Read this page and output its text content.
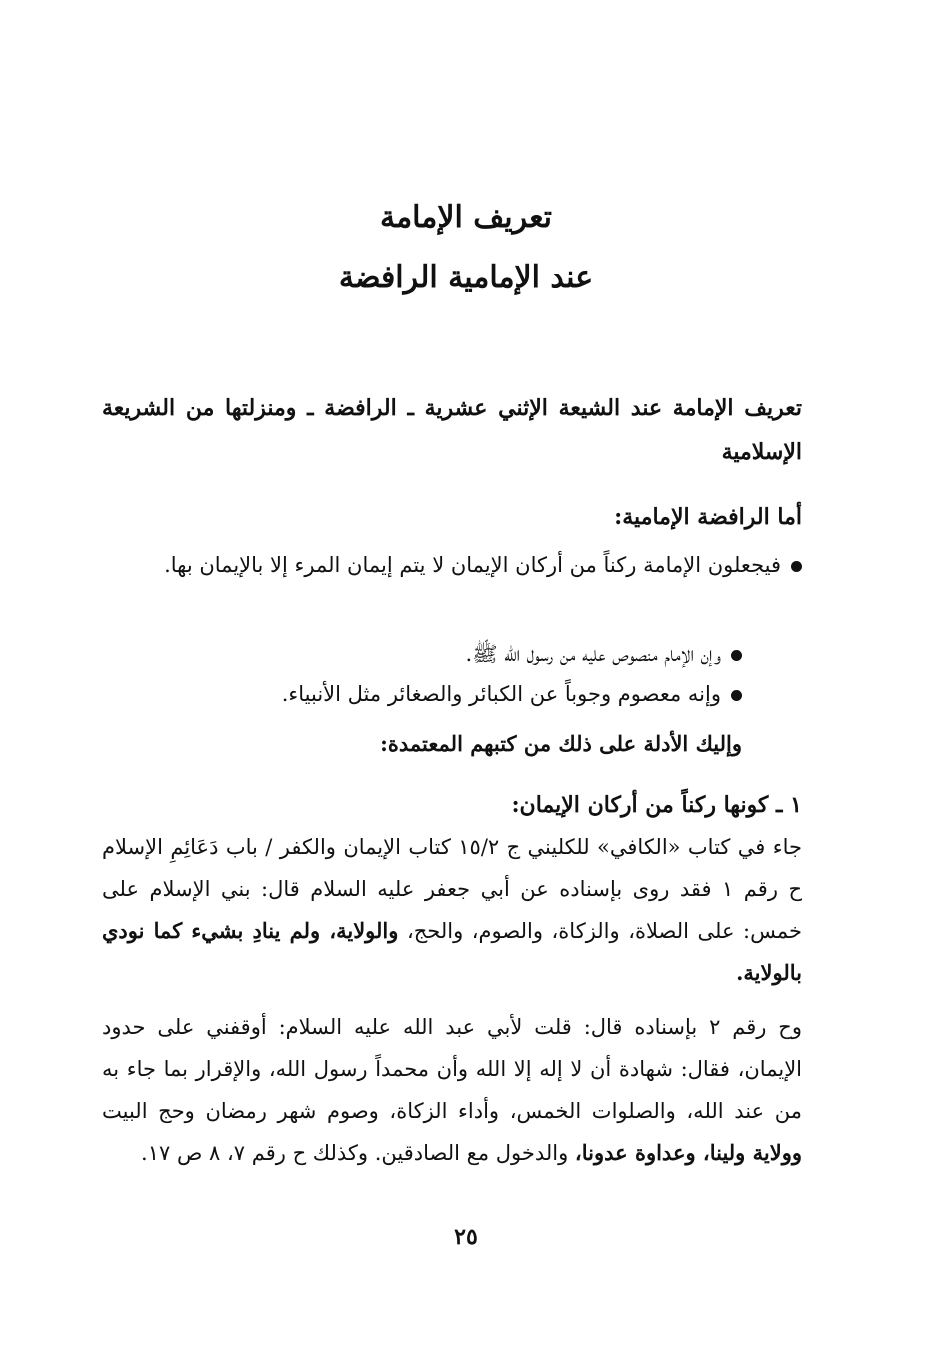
تعريف الإمامة
عند الإمامية الرافضة
تعريف الإمامة عند الشيعة الإثني عشرية ـ الرافضة ـ ومنزلتها من الشريعة الإسلامية
أما الرافضة الإمامية:
فيجعلون الإمامة ركناً من أركان الإيمان لا يتم إيمان المرء إلا بالإيمان بها.
وإن الإمام منصوص عليه من رسول الله ﷺ.
وإنه معصوم وجوباً عن الكبائر والصغائر مثل الأنبياء.
وإليك الأدلة على ذلك من كتبهم المعتمدة:
١ ـ كونها ركناً من أركان الإيمان:
جاء في كتاب «الكافي» للكليني ج ١٥/٢ كتاب الإيمان والكفر / باب دَعَائِمِ الإسلام ح رقم ١ فقد روى بإسناده عن أبي جعفر عليه السلام قال: بني الإسلام على خمس: على الصلاة، والزكاة، والصوم، والحج، والولاية، ولم ينادِ بشيء كما نودي بالولاية.
وح رقم ٢ بإسناده قال: قلت لأبي عبد الله عليه السلام: أوقفني على حدود الإيمان، فقال: شهادة أن لا إله إلا الله وأن محمداً رسول الله، والإقرار بما جاء به من عند الله، والصلوات الخمس، وأداء الزكاة، وصوم شهر رمضان وحج البيت وولاية ولينا، وعداوة عدونا، والدخول مع الصادقين. وكذلك ح رقم ٧، ٨ ص ١٧.
٢٥
